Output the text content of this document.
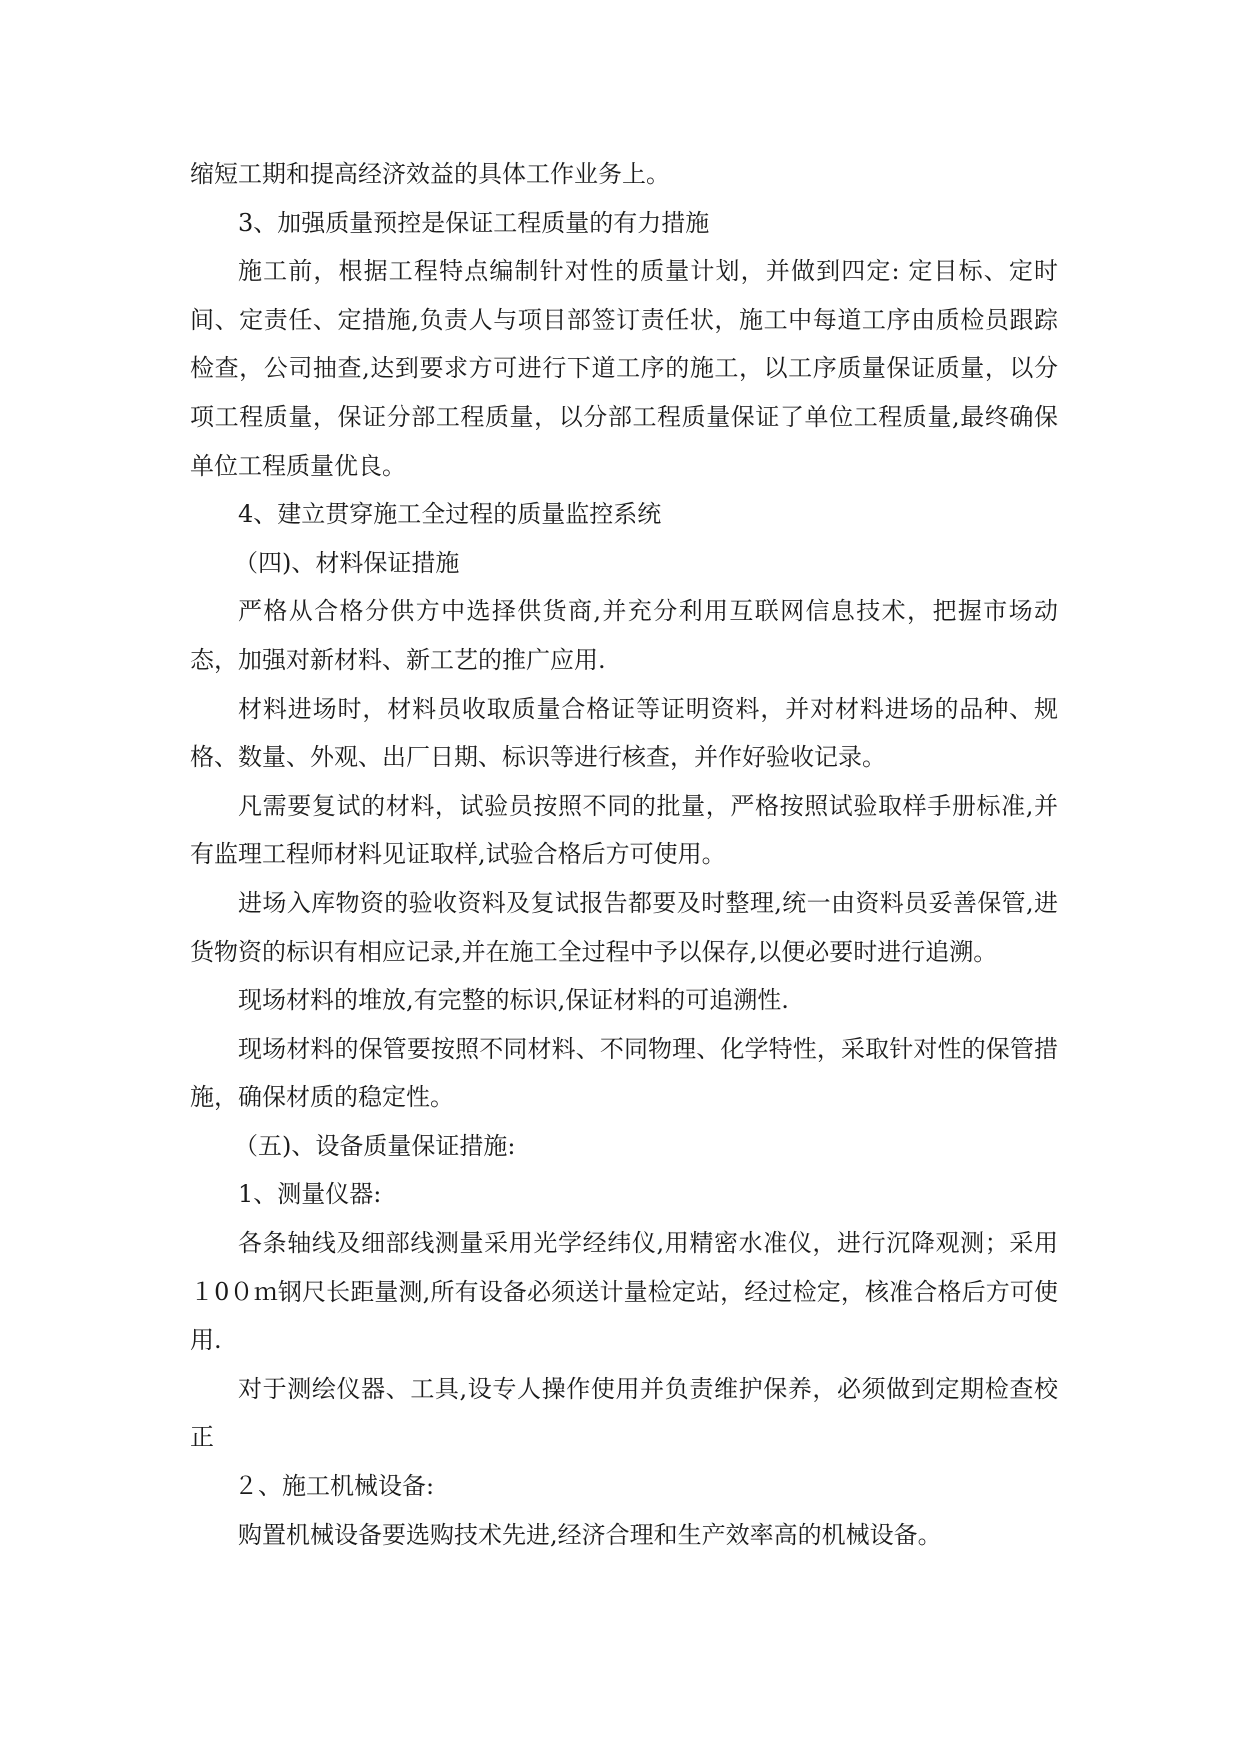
缩短工期和提高经济效益的具体工作业务上。

3、加强质量预控是保证工程质量的有力措施

施工前，根据工程特点编制针对性的质量计划，并做到四定: 定目标、定时间、定责任、定措施,负责人与项目部签订责任状，施工中每道工序由质检员跟踪检查，公司抽查,达到要求方可进行下道工序的施工，以工序质量保证质量，以分项工程质量，保证分部工程质量，以分部工程质量保证了单位工程质量,最终确保单位工程质量优良。

4、建立贯穿施工全过程的质量监控系统

（四)、材料保证措施

严格从合格分供方中选择供货商,并充分利用互联网信息技术，把握市场动态，加强对新材料、新工艺的推广应用.

材料进场时，材料员收取质量合格证等证明资料，并对材料进场的品种、规格、数量、外观、出厂日期、标识等进行核查，并作好验收记录。

凡需要复试的材料，试验员按照不同的批量，严格按照试验取样手册标准,并有监理工程师材料见证取样,试验合格后方可使用。

进场入库物资的验收资料及复试报告都要及时整理,统一由资料员妥善保管,进货物资的标识有相应记录,并在施工全过程中予以保存,以便必要时进行追溯。

现场材料的堆放,有完整的标识,保证材料的可追溯性.

现场材料的保管要按照不同材料、不同物理、化学特性，采取针对性的保管措施，确保材质的稳定性。

（五)、设备质量保证措施:

1、测量仪器:

各条轴线及细部线测量采用光学经纬仪,用精密水准仪，进行沉降观测；采用１0０ｍ钢尺长距量测,所有设备必须送计量检定站，经过检定，核准合格后方可使用.

对于测绘仪器、工具,设专人操作使用并负责维护保养，必须做到定期检查校正

２、施工机械设备:

购置机械设备要选购技术先进,经济合理和生产效率高的机械设备。
